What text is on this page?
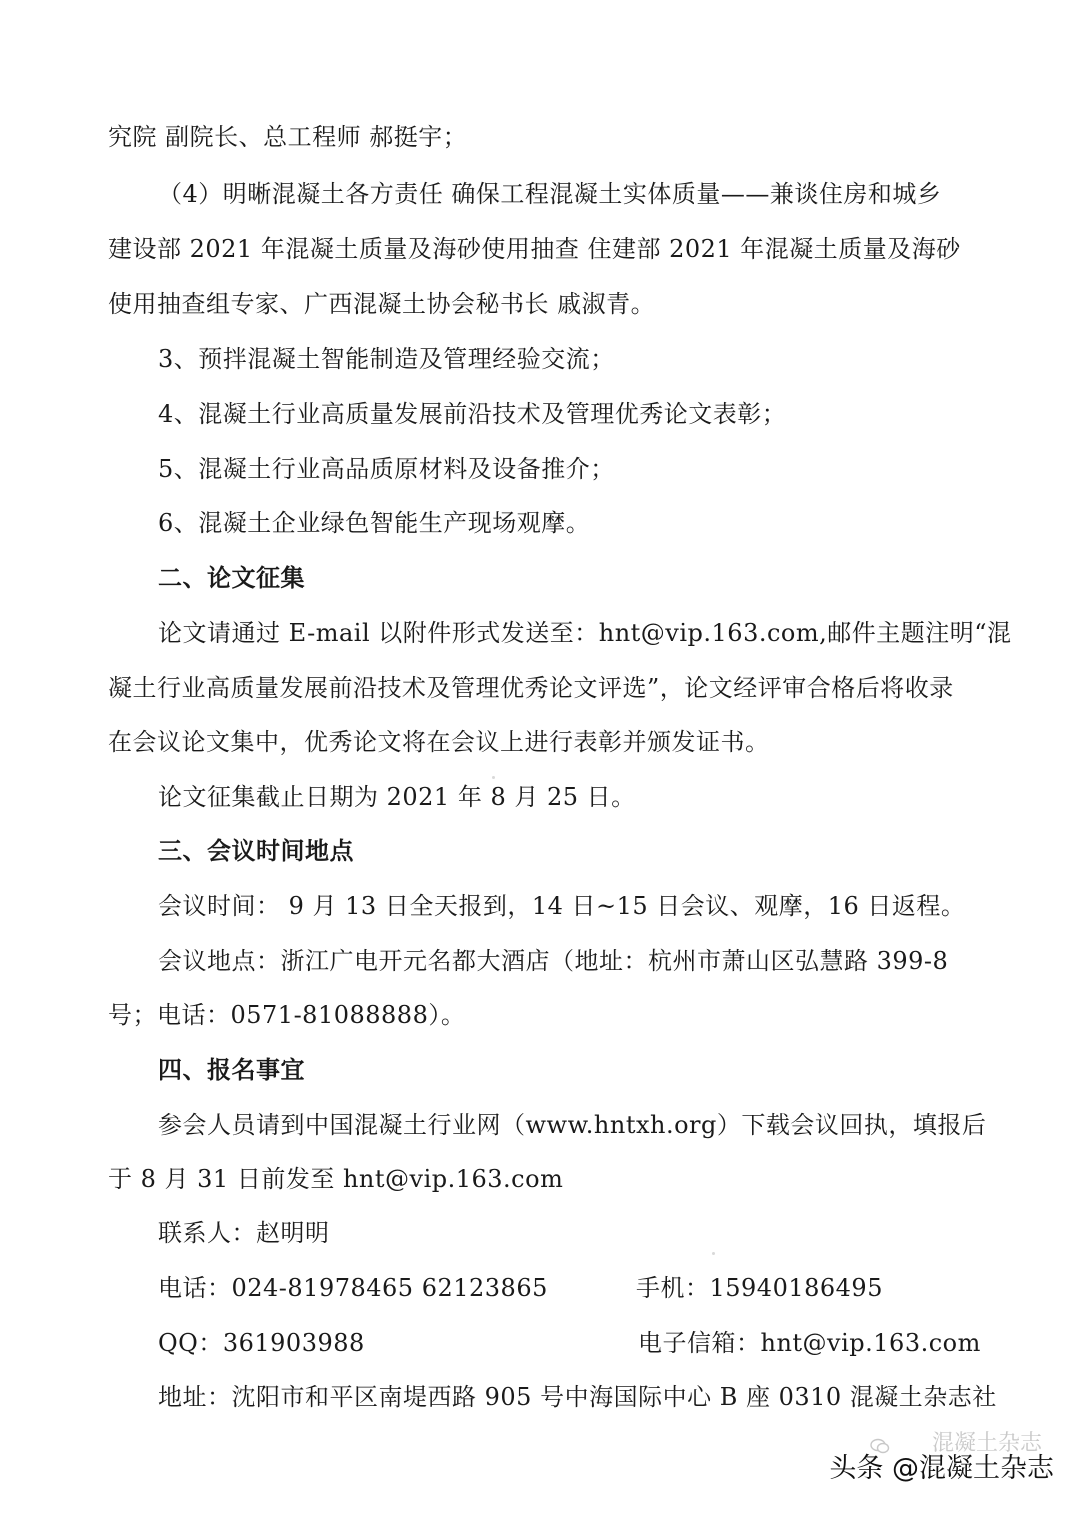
究院 副院长、总工程师 郝挺宇；
（4）明晰混凝土各方责任 确保工程混凝土实体质量——兼谈住房和城乡
建设部 2021 年混凝土质量及海砂使用抽查 住建部 2021 年混凝土质量及海砂
使用抽查组专家、广西混凝土协会秘书长 戚淑青。
3、预拌混凝土智能制造及管理经验交流；
4、混凝土行业高质量发展前沿技术及管理优秀论文表彰；
5、混凝土行业高品质原材料及设备推介；
6、混凝土企业绿色智能生产现场观摩。
二、论文征集
论文请通过 E-mail 以附件形式发送至：hnt@vip.163.com,邮件主题注明“混
凝土行业高质量发展前沿技术及管理优秀论文评选”，论文经评审合格后将收录
在会议论文集中，优秀论文将在会议上进行表彰并颁发证书。
论文征集截止日期为 2021 年 8 月 25 日。
三、会议时间地点
会议时间： 9 月 13 日全天报到，14 日~15 日会议、观摩，16 日返程。
会议地点：浙江广电开元名都大酒店（地址：杭州市萧山区弘慧路 399-8
号；电话：0571-81088888）。
四、报名事宜
参会人员请到中国混凝土行业网（www.hntxh.org）下载会议回执，填报后
于 8 月 31 日前发至 hnt@vip.163.com
联系人：赵明明
电话：024-81978465 62123865	手机：15940186495
QQ：361903988	电子信箱：hnt@vip.163.com
地址：沈阳市和平区南堤西路 905 号中海国际中心 B 座 0310 混凝土杂志社
混凝土杂志
头条 @混凝土杂志
